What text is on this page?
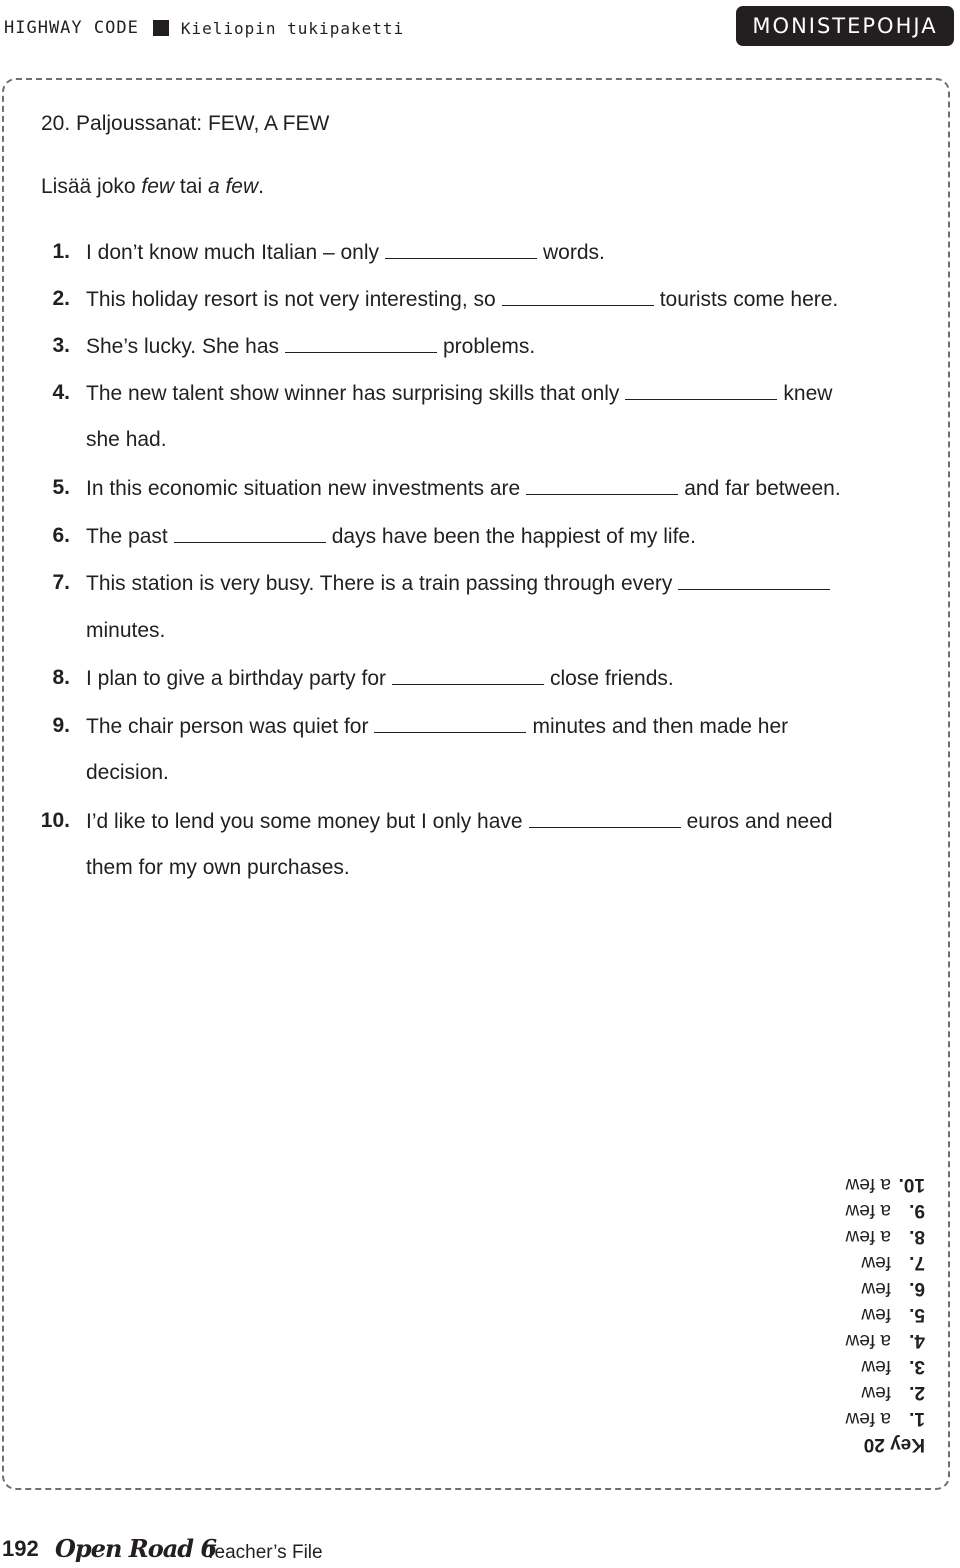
HIGHWAY CODE	Kieliopin tukipaketti	MONISTEPOHJA
20. Paljoussanat: FEW, A FEW
Lisää joko few tai a few.
1. I don’t know much Italian – only	words.
2. This holiday resort is not very interesting, so	tourists come here.
3. She’s lucky. She has	problems.
4. The new talent show winner has surprising skills that only	knew
she had.
5. In this economic situation new investments are	and far between.
6. The past	days have been the happiest of my life.
7. This station is very busy. There is a train passing through every
minutes.
8. I plan to give a birthday party for	close friends.
9. The chair person was quiet for	minutes and then made her
decision.
10. I’d like to lend you some money but I only have	euros and need
them for my own purchases.
Key 20
1.a few
2.few
3.few
4.a few
5.few
6.few
7.few
8.a few
9.a few
10.a few
192 Open Road 6
Teacher’s File
